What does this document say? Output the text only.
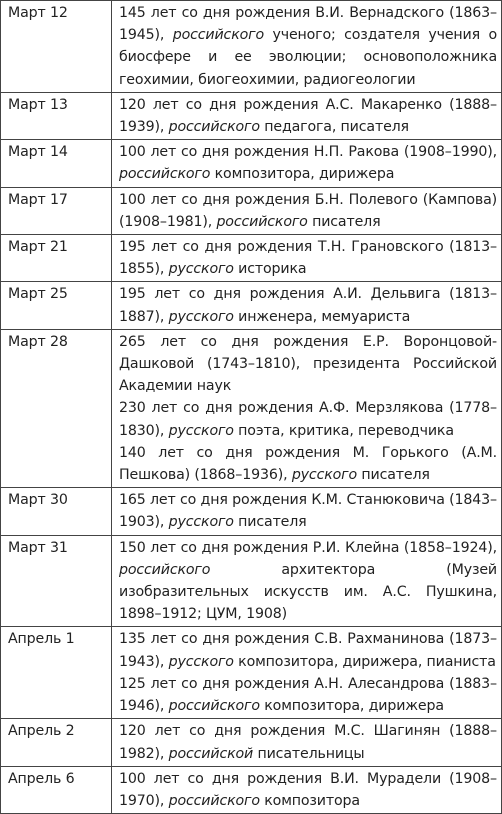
Март 12	145 лет со дня рождения В.И. Вернадского (1863–1945), российского ученого; создателя учения о биосфере и ее эволюции; основоположника геохимии, биогеохимии, радиогеологии

Март 13	120 лет со дня рождения А.С. Макаренко (1888–1939), российского педагога, писателя

Март 14	100 лет со дня рождения Н.П. Ракова (1908–1990), российского композитора, дирижера

Март 17	100 лет со дня рождения Б.Н. Полевого (Кампова) (1908–1981), российского писателя

Март 21	195 лет со дня рождения Т.Н. Грановского (1813–1855), русского историка

Март 25	195 лет со дня рождения А.И. Дельвига (1813–1887), русского инженера, мемуариста

Март 28	265 лет со дня рождения Е.Р. Воронцовой-Дашковой (1743–1810), президента Российской Академии наук
230 лет со дня рождения А.Ф. Мерзлякова (1778–1830), русского поэта, критика, переводчика
140 лет со дня рождения М. Горького (А.М. Пешкова) (1868–1936), русского писателя

Март 30	165 лет со дня рождения К.М. Станюковича (1843–1903), русского писателя

Март 31	150 лет со дня рождения Р.И. Клейна (1858–1924), российского архитектора (Музей изобразительных искусств им. А.С. Пушкина, 1898–1912; ЦУМ, 1908)

Апрель 1	135 лет со дня рождения С.В. Рахманинова (1873–1943), русского композитора, дирижера, пианиста
125 лет со дня рождения А.Н. Алесандрова (1883–1946), российского композитора, дирижера

Апрель 2	120 лет со дня рождения М.С. Шагинян (1888–1982), российской писательницы

Апрель 6	100 лет со дня рождения В.И. Мурадели (1908–1970), российского композитора
